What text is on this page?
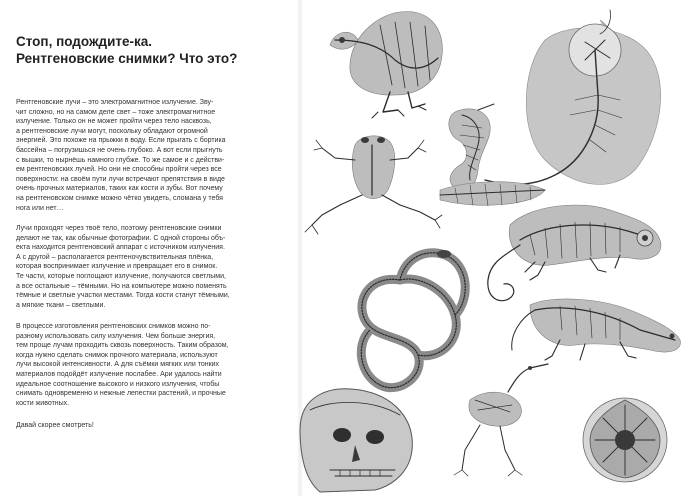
Стоп, подождите-ка.
Рентгеновские снимки? Что это?
Рентгеновские лучи – это электромагнитное излучение. Зву-
чит сложно, но на самом деле свет – тоже электромагнитное
излучение. Только он не может пройти через тело насквозь,
а рентгеновские лучи могут, поскольку обладают огромной
энергией. Это похоже на прыжки в воду. Если прыгать с бортика
бассейна – погрузишься не очень глубоко. А вот если прыгнуть
с вышки, то нырнёшь намного глубже. То же самое и с действи-
ем рентгеновских лучей. Но они не способны пройти через все
поверхности: на своём пути лучи встречают препятствия в виде
очень прочных материалов, таких как кости и зубы. Вот почему
на рентгеновском снимке можно чётко увидеть, сломана у тебя
нога или нет…
Лучи проходят через твоё тело, поэтому рентгеновские снимки
делают не так, как обычные фотографии. С одной стороны объ-
екта находится рентгеновский аппарат с источником излучения.
А с другой – располагается рентгеночувствительная плёнка,
которая воспринимает излучение и превращает его в снимок.
Те части, которые поглощают излучение, получаются светлыми,
а все остальные – тёмными. Но на компьютере можно поменять
тёмные и светлые участки местами. Тогда кости станут тёмными,
а мягкие ткани – светлыми.
В процессе изготовления рентгеновских снимков можно по-
разному использовать силу излучения. Чем больше энергия,
тем проще лучам проходить сквозь поверхность. Таким образом,
когда нужно сделать снимок прочного материала, используют
лучи высокой интенсивности. А для съёмки мягких или тонких
материалов подойдёт излучение послабее. Ари удалось найти
идеальное соотношение высокого и низкого излучения, чтобы
снимать одновременно и нежные лепестки растений, и прочные
кости животных.
Давай скорее смотреть!
